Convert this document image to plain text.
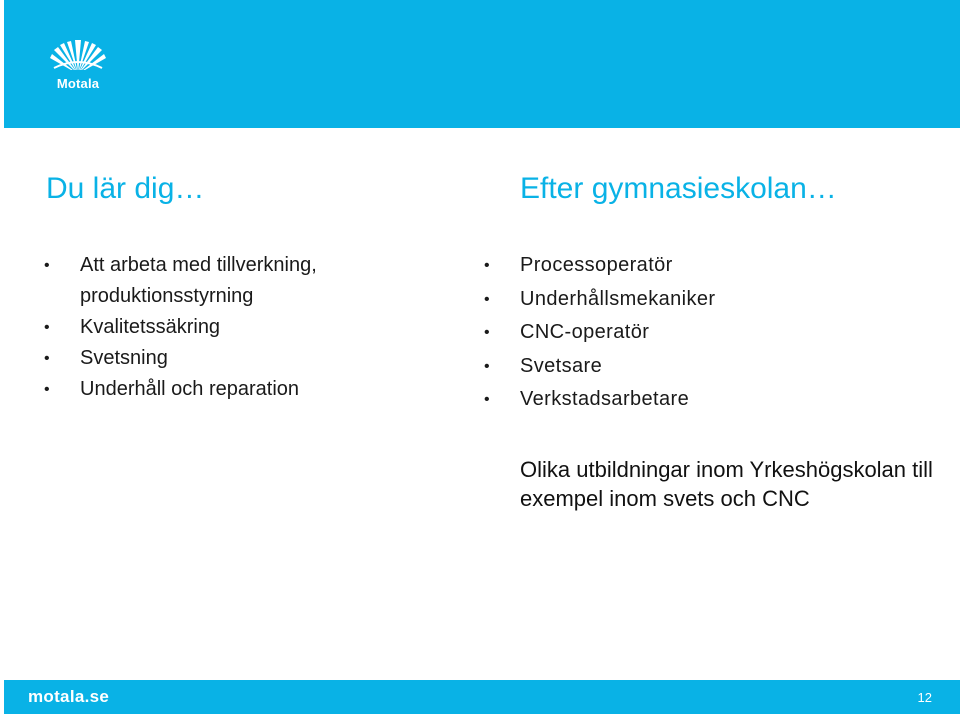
Motala
Du lär dig…
• Att arbeta med tillverkning,
produktionsstyrning
• Kvalitetssäkring
• Svetsning
• Underhåll och reparation
Efter gymnasieskolan…
• Processoperatör
• Underhållsmekaniker
• CNC-operatör
• Svetsare
• Verkstadsarbetare

Olika utbildningar inom Yrkeshögskolan till exempel inom svets och CNC

motala.se	12
